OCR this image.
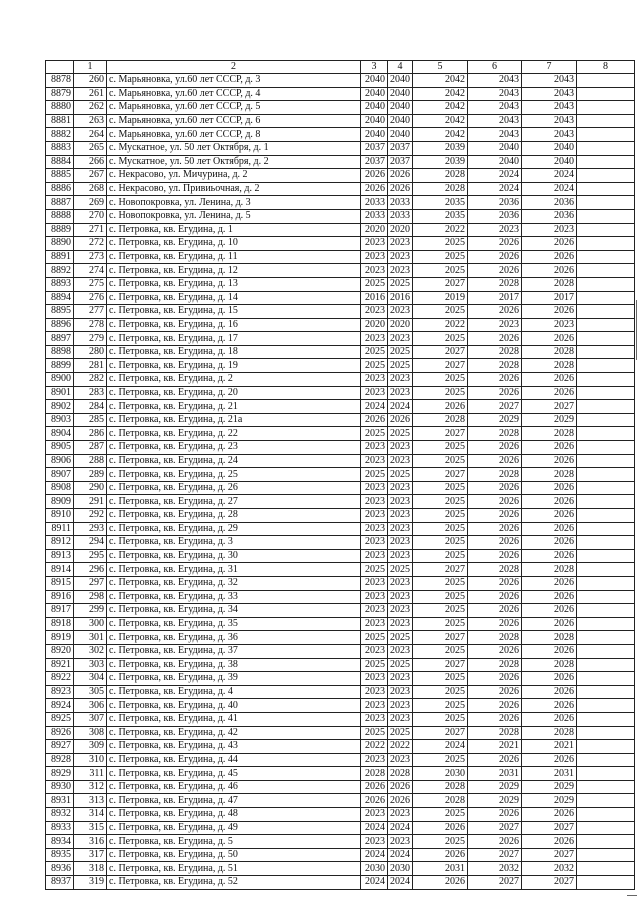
	1	2	3	4	5	6	7	8
8878	260	с. Марьяновка, ул.60 лет СССР, д. 3	2040	2040	2042	2043	2043	
8879	261	с. Марьяновка, ул.60 лет СССР, д. 4	2040	2040	2042	2043	2043	
8880	262	с. Марьяновка, ул.60 лет СССР, д. 5	2040	2040	2042	2043	2043	
8881	263	с. Марьяновка, ул.60 лет СССР, д. 6	2040	2040	2042	2043	2043	
8882	264	с. Марьяновка, ул.60 лет СССР, д. 8	2040	2040	2042	2043	2043	
8883	265	с. Мускатное, ул. 50 лет Октября, д. 1	2037	2037	2039	2040	2040	
8884	266	с. Мускатное, ул. 50 лет Октября, д. 2	2037	2037	2039	2040	2040	
8885	267	с. Некрасово, ул. Мичурина, д. 2	2026	2026	2028	2024	2024	
8886	268	с. Некрасово, ул. Привиьочная, д. 2	2026	2026	2028	2024	2024	
8887	269	с. Новопокровка, ул. Ленина, д. 3	2033	2033	2035	2036	2036	
8888	270	с. Новопокровка, ул. Ленина, д. 5	2033	2033	2035	2036	2036	
8889	271	с. Петровка, кв. Егудина, д. 1	2020	2020	2022	2023	2023	
8890	272	с. Петровка, кв. Егудина, д. 10	2023	2023	2025	2026	2026	
8891	273	с. Петровка, кв. Егудина, д. 11	2023	2023	2025	2026	2026	
8892	274	с. Петровка, кв. Егудина, д. 12	2023	2023	2025	2026	2026	
8893	275	с. Петровка, кв. Егудина, д. 13	2025	2025	2027	2028	2028	
8894	276	с. Петровка, кв. Егудина, д. 14	2016	2016	2019	2017	2017	
8895	277	с. Петровка, кв. Егудина, д. 15	2023	2023	2025	2026	2026	
8896	278	с. Петровка, кв. Егудина, д. 16	2020	2020	2022	2023	2023	
8897	279	с. Петровка, кв. Егудина, д. 17	2023	2023	2025	2026	2026	
8898	280	с. Петровка, кв. Егудина, д. 18	2025	2025	2027	2028	2028	
8899	281	с. Петровка, кв. Егудина, д. 19	2025	2025	2027	2028	2028	
8900	282	с. Петровка, кв. Егудина, д. 2	2023	2023	2025	2026	2026	
8901	283	с. Петровка, кв. Егудина, д. 20	2023	2023	2025	2026	2026	
8902	284	с. Петровка, кв. Егудина, д. 21	2024	2024	2026	2027	2027	
8903	285	с. Петровка, кв. Егудина, д. 21а	2026	2026	2028	2029	2029	
8904	286	с. Петровка, кв. Егудина, д. 22	2025	2025	2027	2028	2028	
8905	287	с. Петровка, кв. Егудина, д. 23	2023	2023	2025	2026	2026	
8906	288	с. Петровка, кв. Егудина, д. 24	2023	2023	2025	2026	2026	
8907	289	с. Петровка, кв. Егудина, д. 25	2025	2025	2027	2028	2028	
8908	290	с. Петровка, кв. Егудина, д. 26	2023	2023	2025	2026	2026	
8909	291	с. Петровка, кв. Егудина, д. 27	2023	2023	2025	2026	2026	
8910	292	с. Петровка, кв. Егудина, д. 28	2023	2023	2025	2026	2026	
8911	293	с. Петровка, кв. Егудина, д. 29	2023	2023	2025	2026	2026	
8912	294	с. Петровка, кв. Егудина, д. 3	2023	2023	2025	2026	2026	
8913	295	с. Петровка, кв. Егудина, д. 30	2023	2023	2025	2026	2026	
8914	296	с. Петровка, кв. Егудина, д. 31	2025	2025	2027	2028	2028	
8915	297	с. Петровка, кв. Егудина, д. 32	2023	2023	2025	2026	2026	
8916	298	с. Петровка, кв. Егудина, д. 33	2023	2023	2025	2026	2026	
8917	299	с. Петровка, кв. Егудина, д. 34	2023	2023	2025	2026	2026	
8918	300	с. Петровка, кв. Егудина, д. 35	2023	2023	2025	2026	2026	
8919	301	с. Петровка, кв. Егудина, д. 36	2025	2025	2027	2028	2028	
8920	302	с. Петровка, кв. Егудина, д. 37	2023	2023	2025	2026	2026	
8921	303	с. Петровка, кв. Егудина, д. 38	2025	2025	2027	2028	2028	
8922	304	с. Петровка, кв. Егудина, д. 39	2023	2023	2025	2026	2026	
8923	305	с. Петровка, кв. Егудина, д. 4	2023	2023	2025	2026	2026	
8924	306	с. Петровка, кв. Егудина, д. 40	2023	2023	2025	2026	2026	
8925	307	с. Петровка, кв. Егудина, д. 41	2023	2023	2025	2026	2026	
8926	308	с. Петровка, кв. Егудина, д. 42	2025	2025	2027	2028	2028	
8927	309	с. Петровка, кв. Егудина, д. 43	2022	2022	2024	2021	2021	
8928	310	с. Петровка, кв. Егудина, д. 44	2023	2023	2025	2026	2026	
8929	311	с. Петровка, кв. Егудина, д. 45	2028	2028	2030	2031	2031	
8930	312	с. Петровка, кв. Егудина, д. 46	2026	2026	2028	2029	2029	
8931	313	с. Петровка, кв. Егудина, д. 47	2026	2026	2028	2029	2029	
8932	314	с. Петровка, кв. Егудина, д. 48	2023	2023	2025	2026	2026	
8933	315	с. Петровка, кв. Егудина, д. 49	2024	2024	2026	2027	2027	
8934	316	с. Петровка, кв. Егудина, д. 5	2023	2023	2025	2026	2026	
8935	317	с. Петровка, кв. Егудина, д. 50	2024	2024	2026	2027	2027	
8936	318	с. Петровка, кв. Егудина, д. 51	2030	2030	2031	2032	2032	
8937	319	с. Петровка, кв. Егудина, д. 52	2024	2024	2026	2027	2027	
